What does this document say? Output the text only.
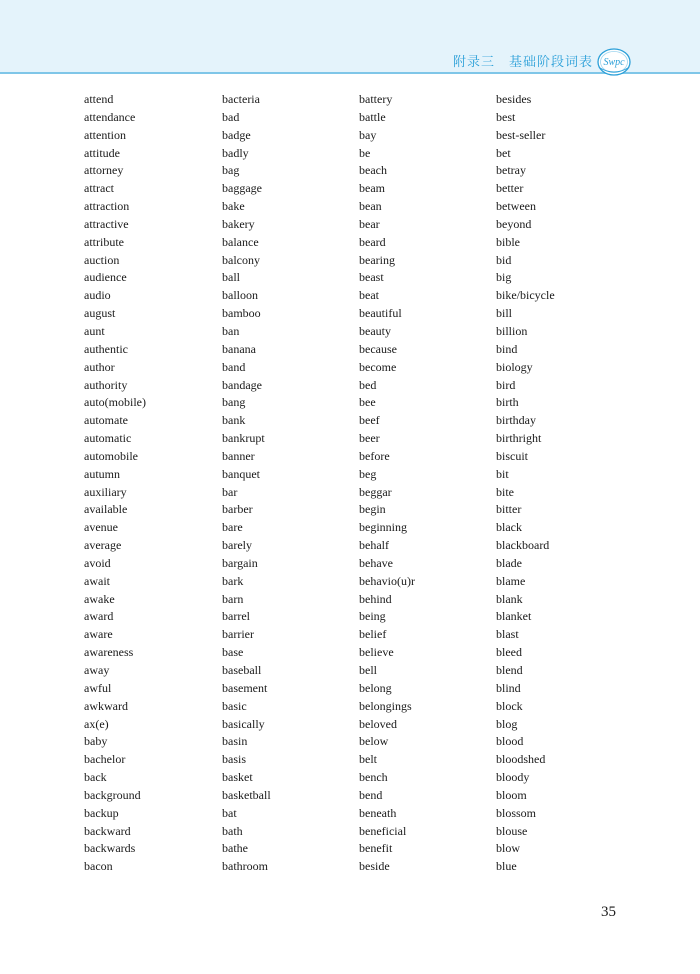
附录三　基础阶段词表 Swpc
attend
attendance
attention
attitude
attorney
attract
attraction
attractive
attribute
auction
audience
audio
august
aunt
authentic
author
authority
auto(mobile)
automate
automatic
automobile
autumn
auxiliary
available
avenue
average
avoid
await
awake
award
aware
awareness
away
awful
awkward
ax(e)
baby
bachelor
back
background
backup
backward
backwards
bacon
bacteria
bad
badge
badly
bag
baggage
bake
bakery
balance
balcony
ball
balloon
bamboo
ban
banana
band
bandage
bang
bank
bankrupt
banner
banquet
bar
barber
bare
barely
bargain
bark
barn
barrel
barrier
base
baseball
basement
basic
basically
basin
basis
basket
basketball
bat
bath
bathe
bathroom
battery
battle
bay
be
beach
beam
bean
bear
beard
bearing
beast
beat
beautiful
beauty
because
become
bed
bee
beef
beer
before
beg
beggar
begin
beginning
behalf
behave
behavio(u)r
behind
being
belief
believe
bell
belong
belongings
beloved
below
belt
bench
bend
beneath
beneficial
benefit
beside
besides
best
best-seller
bet
betray
better
between
beyond
bible
bid
big
bike/bicycle
bill
billion
bind
biology
bird
birth
birthday
birthright
biscuit
bit
bite
bitter
black
blackboard
blade
blame
blank
blanket
blast
bleed
blend
blind
block
blog
blood
bloodshed
bloody
bloom
blossom
blouse
blow
blue
35
